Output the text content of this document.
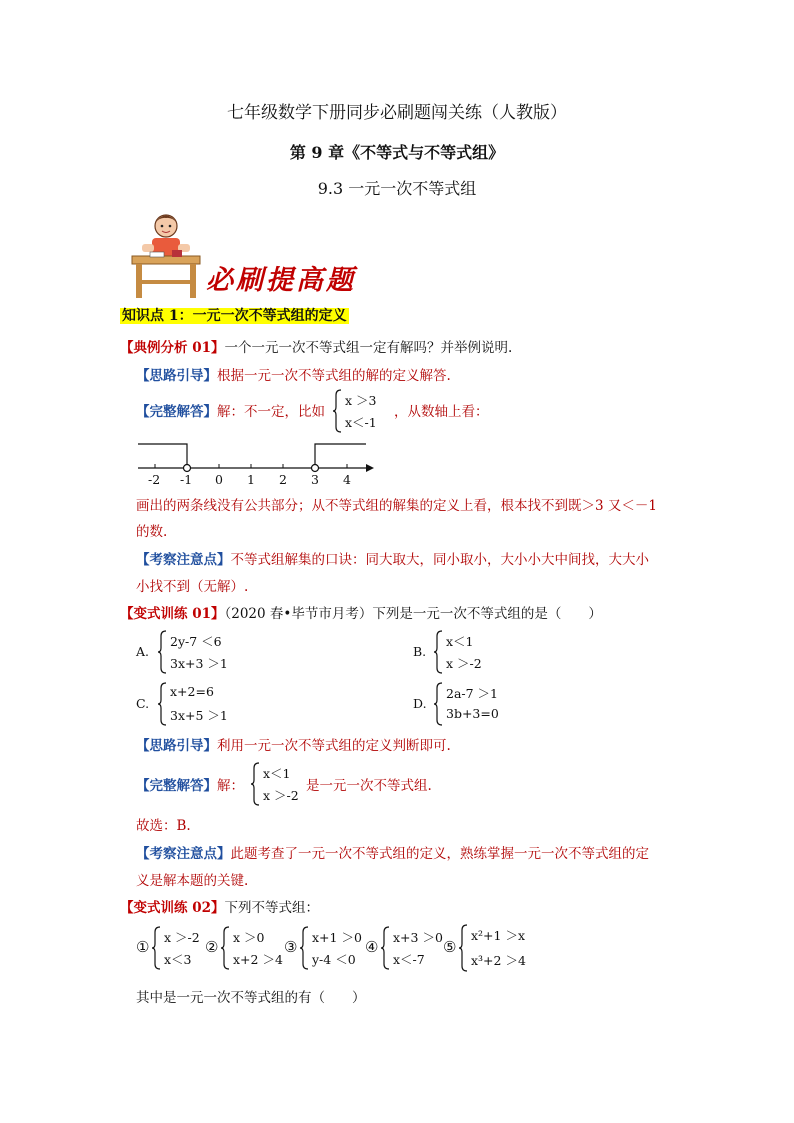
七年级数学下册同步必刷题闯关练（人教版）
第 9 章《不等式与不等式组》
9.3 一元一次不等式组
必刷提高题
知识点 1：一元一次不等式组的定义
【典例分析 01】一个一元一次不等式组一定有解吗？并举例说明.
【思路引导】根据一元一次不等式组的解的定义解答.
【完整解答】解：不一定，比如
x ＞3
x＜-1
，从数轴上看：
-2 -1 0 1 2 3 4
画出的两条线没有公共部分；从不等式组的解集的定义上看，根本找不到既＞3 又＜－1
的数.
【考察注意点】不等式组解集的口诀：同大取大，同小取小，大小小大中间找，大大小
小找不到（无解）.
【变式训练 01】（2020 春•毕节市月考）下列是一元一次不等式组的是（　　）
A.
2y-7 ＜6
3x+3 ＞1
B.
x＜1
x ＞-2
C.
x+2=6
3x+5 ＞1
D.
2a-7 ＞1
3b+3=0
【思路引导】利用一元一次不等式组的定义判断即可.
【完整解答】解：
x＜1
x ＞-2
是一元一次不等式组.
故选：B.
【考察注意点】此题考查了一元一次不等式组的定义，熟练掌握一元一次不等式组的定
义是解本题的关键.
【变式训练 02】下列不等式组：
①
x ＞-2
x＜3
②
x ＞0
x+2 ＞4
③
x+1 ＞0
y-4 ＜0
④
x+3 ＞0
x＜-7
⑤
x²+1 ＞x
x³+2 ＞4
其中是一元一次不等式组的有（　　）
